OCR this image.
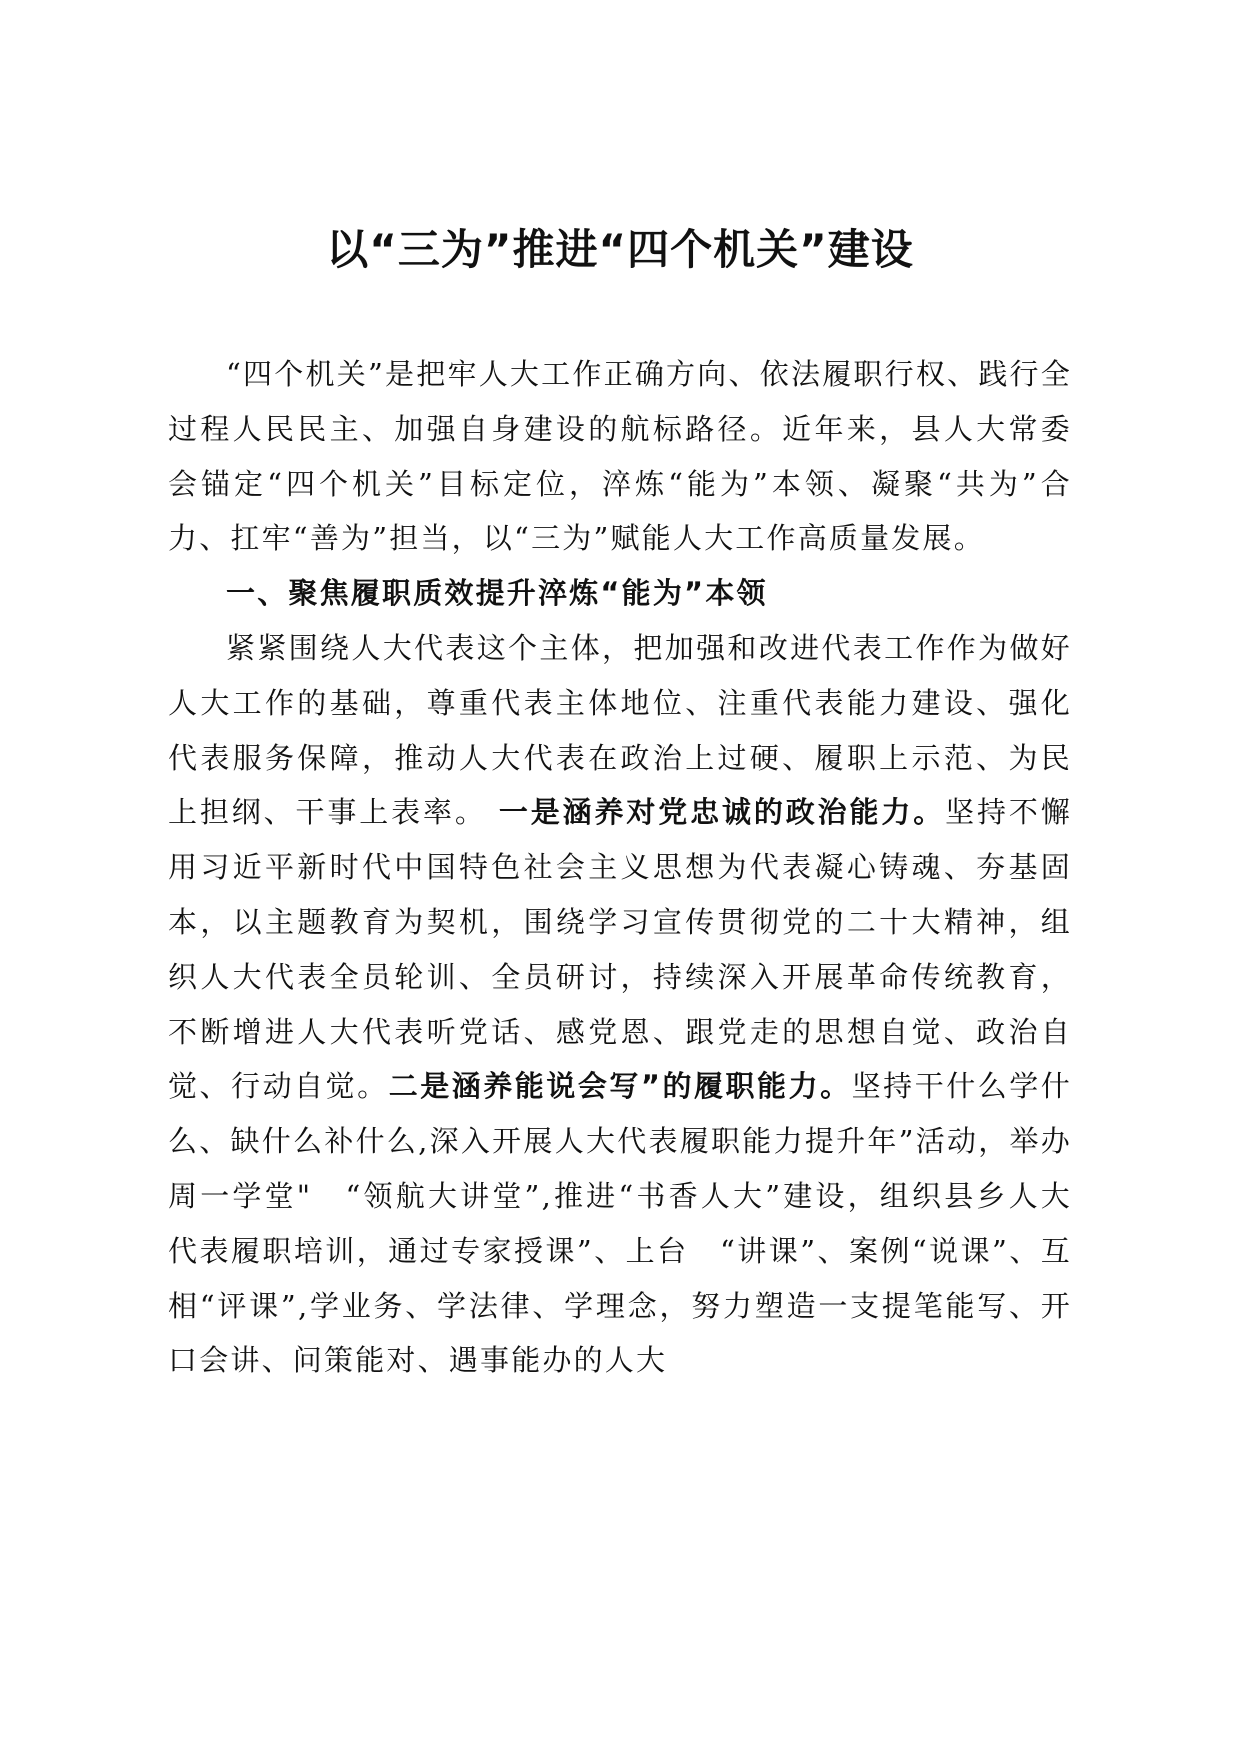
以“三为”推进“四个机关”建设

“四个机关”是把牢人大工作正确方向、依法履职行权、践行全过程人民民主、加强自身建设的航标路径。近年来，县人大常委会锚定“四个机关”目标定位，淬炼“能为”本领、凝聚“共为”合力、扛牢“善为”担当，以“三为”赋能人大工作高质量发展。

一、聚焦履职质效提升淬炼“能为”本领

紧紧围绕人大代表这个主体，把加强和改进代表工作作为做好人大工作的基础，尊重代表主体地位、注重代表能力建设、强化代表服务保障，推动人大代表在政治上过硬、履职上示范、为民上担纲、干事上表率。 一是涵养对党忠诚的政治能力。坚持不懈用习近平新时代中国特色社会主义思想为代表凝心铸魂、夯基固本，以主题教育为契机，围绕学习宣传贯彻党的二十大精神，组织人大代表全员轮训、全员研讨，持续深入开展革命传统教育，不断增进人大代表听党话、感党恩、跟党走的思想自觉、政治自觉、行动自觉。二是涵养能说会写”的履职能力。坚持干什么学什么、缺什么补什么,深入开展人大代表履职能力提升年”活动，举办周一学堂"　“领航大讲堂”,推进“书香人大”建设，组织县乡人大代表履职培训，通过专家授课”、上台　“讲课”、案例“说课”、互相“评课”,学业务、学法律、学理念，努力塑造一支提笔能写、开口会讲、问策能对、遇事能办的人大
